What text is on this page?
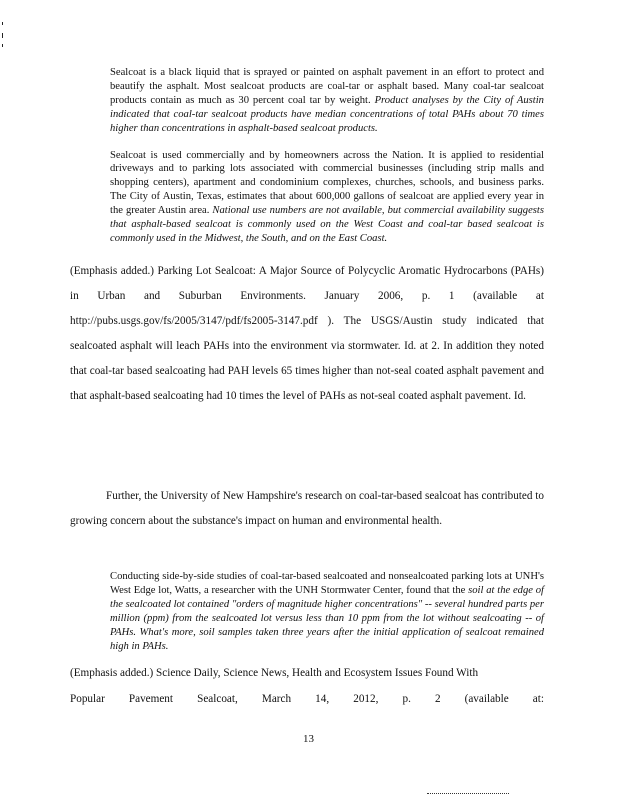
Sealcoat is a black liquid that is sprayed or painted on asphalt pavement in an effort to protect and beautify the asphalt. Most sealcoat products are coal-tar or asphalt based. Many coal-tar sealcoat products contain as much as 30 percent coal tar by weight. Product analyses by the City of Austin indicated that coal-tar sealcoat products have median concentrations of total PAHs about 70 times higher than concentrations in asphalt-based sealcoat products.

Sealcoat is used commercially and by homeowners across the Nation. It is applied to residential driveways and to parking lots associated with commercial businesses (including strip malls and shopping centers), apartment and condominium complexes, churches, schools, and business parks. The City of Austin, Texas, estimates that about 600,000 gallons of sealcoat are applied every year in the greater Austin area. National use numbers are not available, but commercial availability suggests that asphalt-based sealcoat is commonly used on the West Coast and coal-tar based sealcoat is commonly used in the Midwest, the South, and on the East Coast.

(Emphasis added.) Parking Lot Sealcoat: A Major Source of Polycyclic Aromatic Hydrocarbons (PAHs) in Urban and Suburban Environments. January 2006, p. 1 (available at http://pubs.usgs.gov/fs/2005/3147/pdf/fs2005-3147.pdf ). The USGS/Austin study indicated that sealcoated asphalt will leach PAHs into the environment via stormwater. Id. at 2. In addition they noted that coal-tar based sealcoating had PAH levels 65 times higher than not-seal coated asphalt pavement and that asphalt-based sealcoating had 10 times the level of PAHs as not-seal coated asphalt pavement. Id.

Further, the University of New Hampshire's research on coal-tar-based sealcoat has contributed to growing concern about the substance's impact on human and environmental health.

Conducting side-by-side studies of coal-tar-based sealcoated and nonsealcoated parking lots at UNH's West Edge lot, Watts, a researcher with the UNH Stormwater Center, found that the soil at the edge of the sealcoated lot contained "orders of magnitude higher concentrations" -- several hundred parts per million (ppm) from the sealcoated lot versus less than 10 ppm from the lot without sealcoating -- of PAHs. What's more, soil samples taken three years after the initial application of sealcoat remained high in PAHs.

(Emphasis added.) Science Daily, Science News, Health and Ecosystem Issues Found With

Popular Pavement Sealcoat, March 14, 2012, p. 2 (available at:
13
